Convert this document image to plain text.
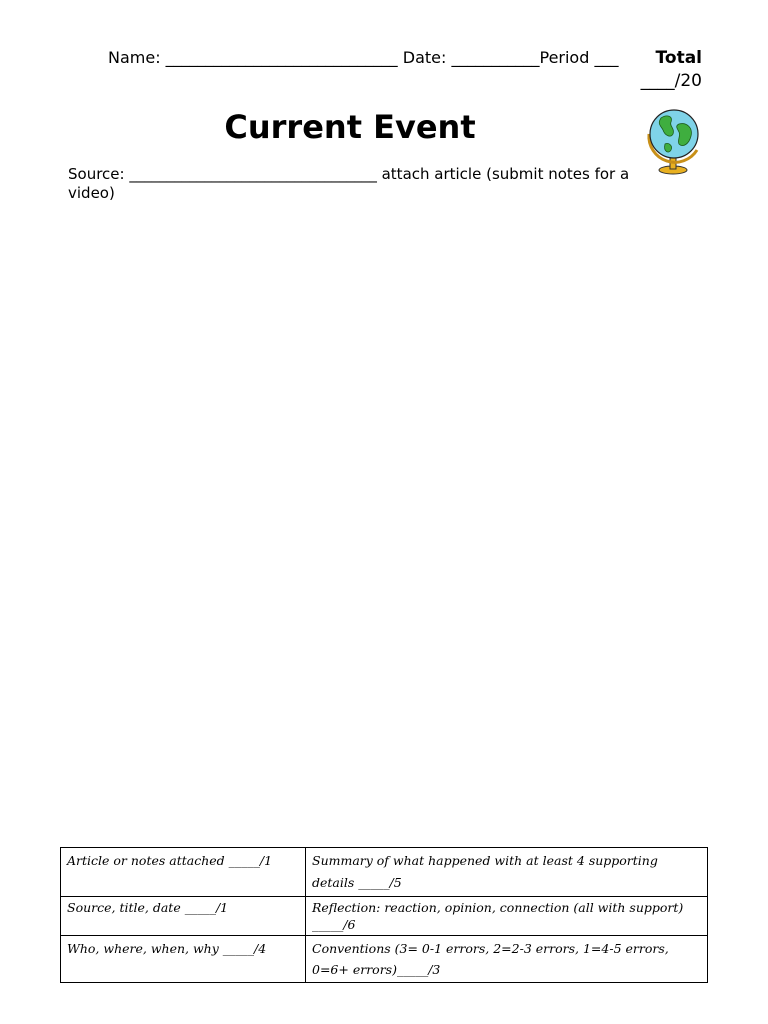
Name: _____________________________ Date: ___________Period ___	Total
____/20
Current Event
Source: _________________________________ attach article (submit notes for a video)
Article or notes attached _____/1	Summary of what happened with at least 4 supporting details _____/5
Source, title, date _____/1	Reflection: reaction, opinion, connection (all with support) _____/6
Who, where, when, why _____/4	Conventions (3= 0-1 errors, 2=2-3 errors, 1=4-5 errors, 0=6+ errors)_____/3
